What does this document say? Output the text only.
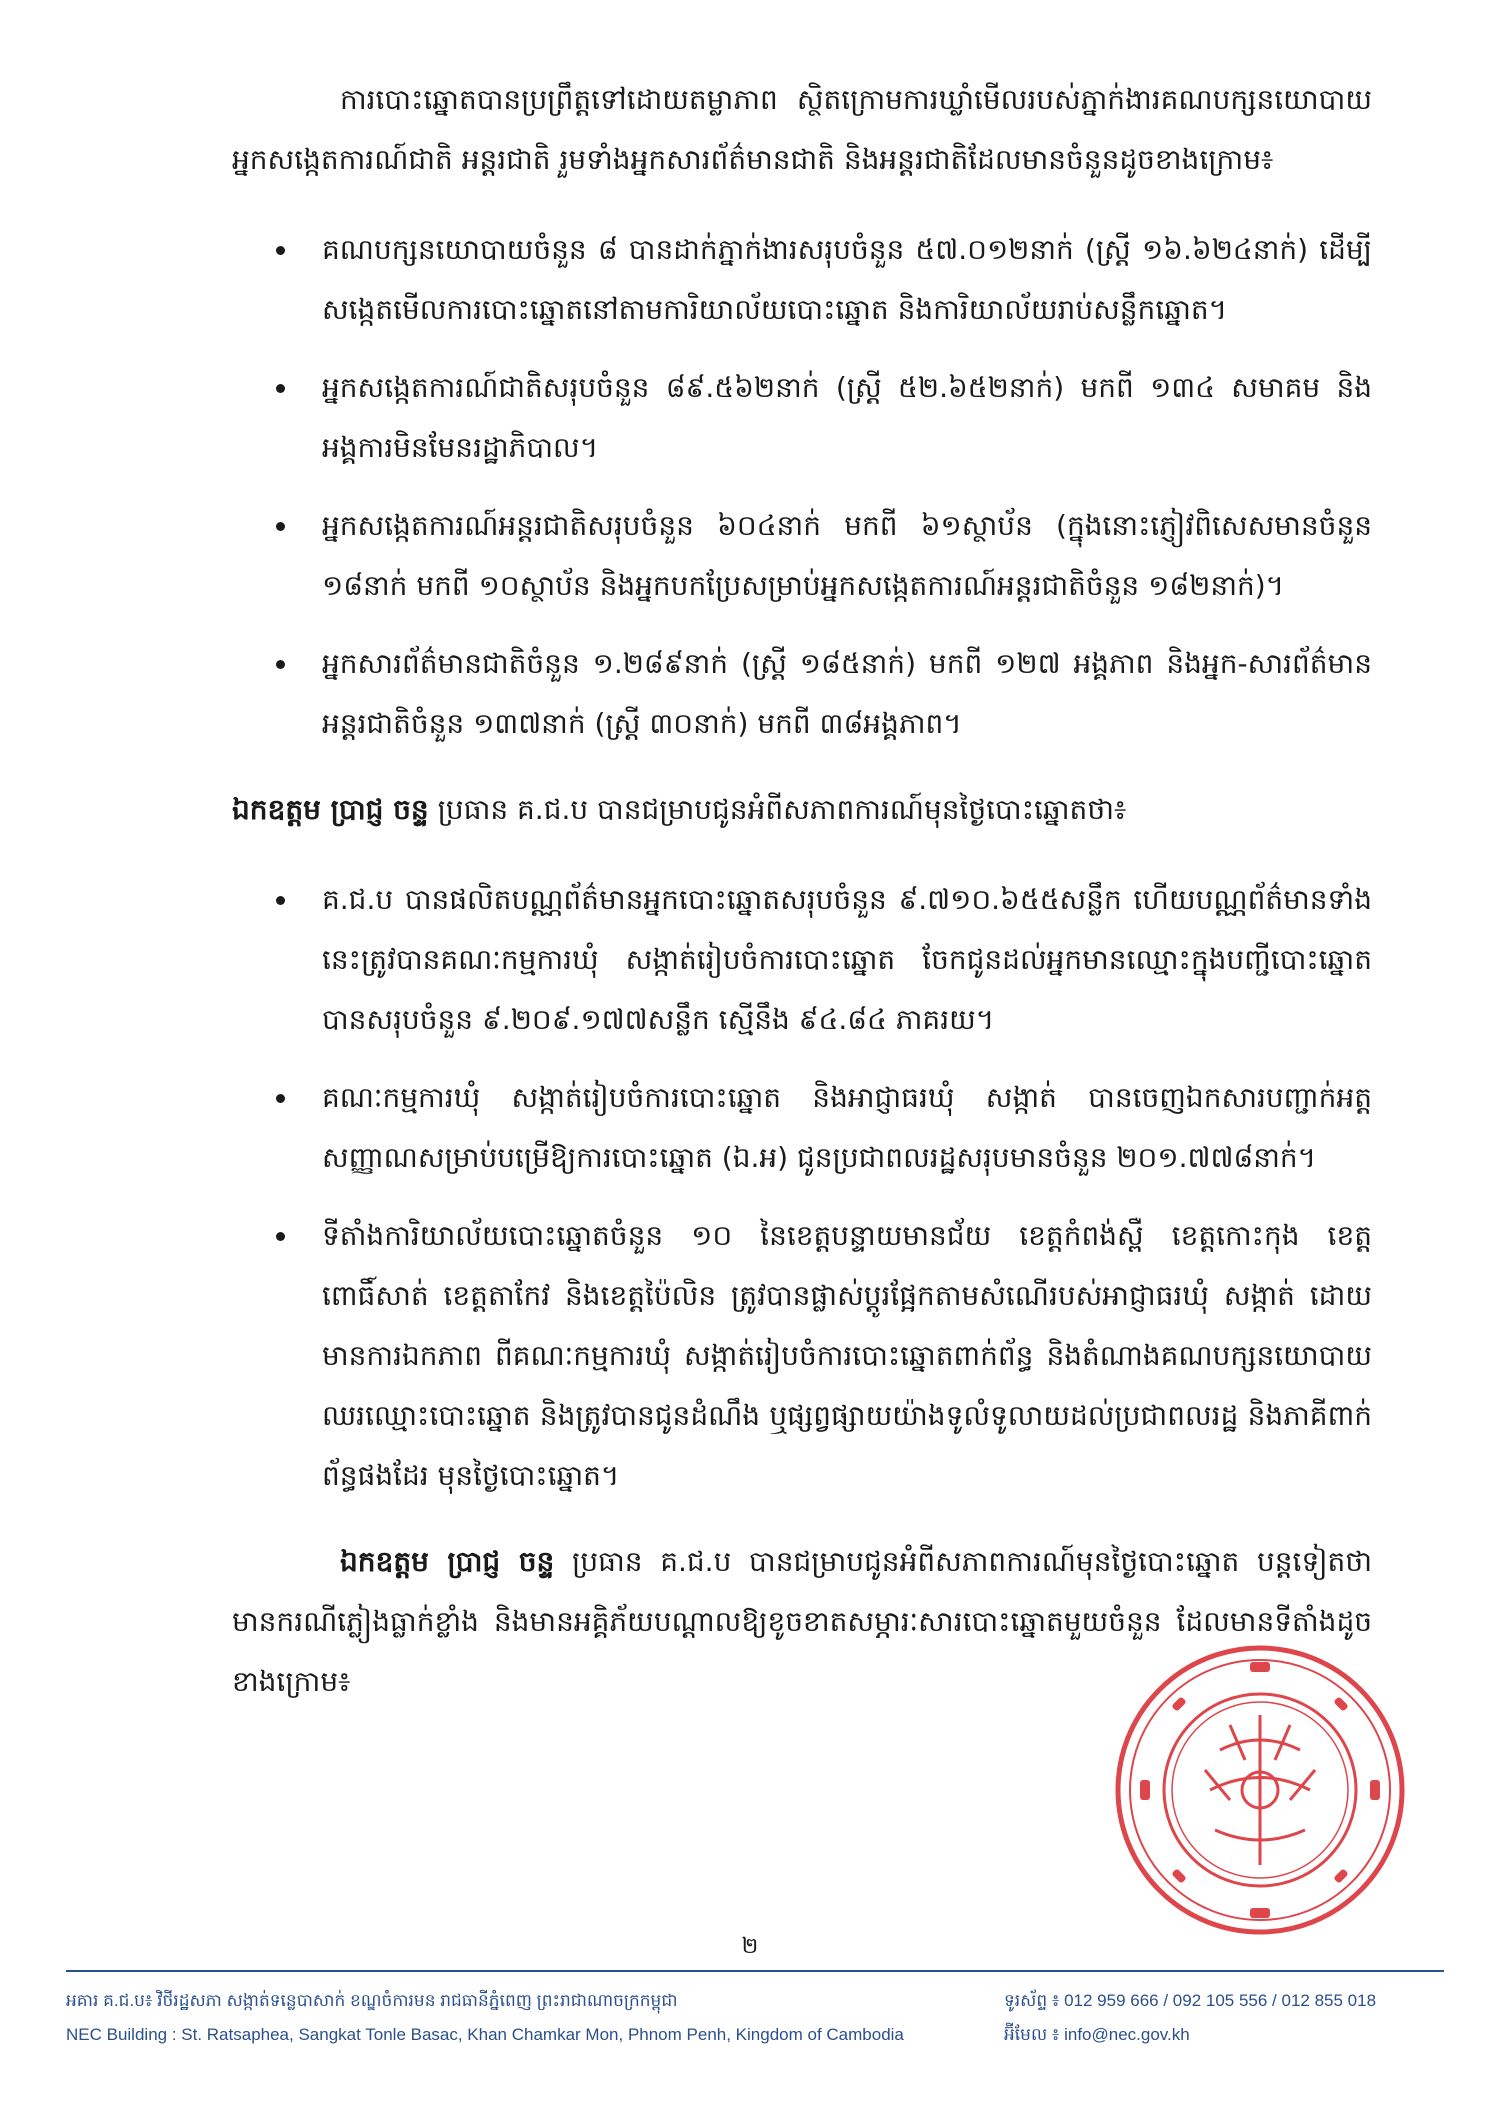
ការបោះឆ្នោតបានប្រព្រឹត្តទៅដោយតម្លាភាព ស្ថិតក្រោមការឃ្លាំមើលរបស់ភ្នាក់ងារគណបក្សនយោបាយ អ្នកសង្កេតការណ៍ជាតិ អន្តរជាតិ រួមទាំងអ្នកសារព័ត៌មានជាតិ និងអន្តរជាតិដែលមានចំនួនដូចខាងក្រោម៖

គណបក្សនយោបាយចំនួន ៨ បានដាក់ភ្នាក់ងារសរុបចំនួន ៥៧.០១២នាក់ (ស្ត្រី ១៦.៦២៤នាក់) ដើម្បីសង្កេតមើលការបោះឆ្នោតនៅតាមការិយាល័យបោះឆ្នោត និងការិយាល័យរាប់សន្លឹកឆ្នោត។
អ្នកសង្កេតការណ៍ជាតិសរុបចំនួន ៨៩.៥៦២នាក់ (ស្ត្រី ៥២.៦៥២នាក់) មកពី ១៣៤ សមាគម និងអង្គការមិនមែនរដ្ឋាភិបាល។
អ្នកសង្កេតការណ៍អន្តរជាតិសរុបចំនួន ៦០៤នាក់ មកពី ៦១ស្ថាប័ន (ក្នុងនោះភ្ញៀវពិសេសមានចំនួន ១៨នាក់ មកពី ១០ស្ថាប័ន និងអ្នកបកប្រែសម្រាប់អ្នកសង្កេតការណ៍អន្តរជាតិចំនួន ១៨២នាក់)។
អ្នកសារព័ត៌មានជាតិចំនួន ១.២៨៩នាក់ (ស្ត្រី ១៨៥នាក់) មកពី ១២៧ អង្គភាព និងអ្នក-សារព័ត៌មានអន្តរជាតិចំនួន ១៣៧នាក់ (ស្ត្រី ៣០នាក់) មកពី ៣៨អង្គភាព។

ឯកឧត្តម ប្រាជ្ញ ចន្ទ ប្រធាន គ.ជ.ប បានជម្រាបជូនអំពីសភាពការណ៍មុនថ្ងៃបោះឆ្នោតថា៖

គ.ជ.ប បានផលិតបណ្ណព័ត៌មានអ្នកបោះឆ្នោតសរុបចំនួន ៩.៧១០.៦៥៥សន្លឹក ហើយបណ្ណព័ត៌មានទាំងនេះត្រូវបានគណៈកម្មការឃុំ សង្កាត់រៀបចំការបោះឆ្នោត ចែកជូនដល់អ្នកមានឈ្មោះក្នុងបញ្ជីបោះឆ្នោតបានសរុបចំនួន ៩.២០៩.១៧៧សន្លឹក ស្មើនឹង ៩៤.៨៤ ភាគរយ។
គណៈកម្មការឃុំ សង្កាត់រៀបចំការបោះឆ្នោត និងអាជ្ញាធរឃុំ សង្កាត់ បានចេញឯកសារបញ្ជាក់អត្តសញ្ញាណសម្រាប់បម្រើឱ្យការបោះឆ្នោត (ឯ.អ) ជូនប្រជាពលរដ្ឋសរុបមានចំនួន ២០១.៧៧៨នាក់។
ទីតាំងការិយាល័យបោះឆ្នោតចំនួន ១០ នៃខេត្តបន្ទាយមានជ័យ ខេត្តកំពង់ស្ពឺ ខេត្តកោះកុង ខេត្តពោធិ៍សាត់ ខេត្តតាកែវ និងខេត្តប៉ៃលិន ត្រូវបានផ្លាស់ប្តូរផ្អែកតាមសំណើរបស់អាជ្ញាធរឃុំ សង្កាត់ ដោយមានការឯកភាព ពីគណៈកម្មការឃុំ សង្កាត់រៀបចំការបោះឆ្នោតពាក់ព័ន្ធ និងតំណាងគណបក្សនយោបាយ ឈរឈ្មោះបោះឆ្នោត និងត្រូវបានជូនដំណឹង ឬផ្សព្វផ្សាយយ៉ាងទូលំទូលាយដល់ប្រជាពលរដ្ឋ និងភាគីពាក់ព័ន្ធផងដែរ មុនថ្ងៃបោះឆ្នោត។

ឯកឧត្តម ប្រាជ្ញ ចន្ទ ប្រធាន គ.ជ.ប បានជម្រាបជូនអំពីសភាពការណ៍មុនថ្ងៃបោះឆ្នោត បន្តទៀតថា មានករណីភ្លៀងធ្លាក់ខ្លាំង និងមានអគ្គិភ័យបណ្តាលឱ្យខូចខាតសម្ភារៈសារបោះឆ្នោតមួយចំនួន ដែលមានទីតាំងដូចខាងក្រោម៖

២
អគារ គ.ជ.ប៖ វិថីរដ្ឋសភា សង្កាត់ទន្លេបាសាក់ ខណ្ឌចំការមន រាជធានីភ្នំពេញ ព្រះរាជាណាចក្រកម្ពុជា	ទូរស័ព្ទ ៖ 012 959 666 / 092 105 556 / 012 855 018
NEC Building : St. Ratsaphea, Sangkat Tonle Basac, Khan Chamkar Mon, Phnom Penh, Kingdom of Cambodia	អ៊ីមែល ៖ info@nec.gov.kh
